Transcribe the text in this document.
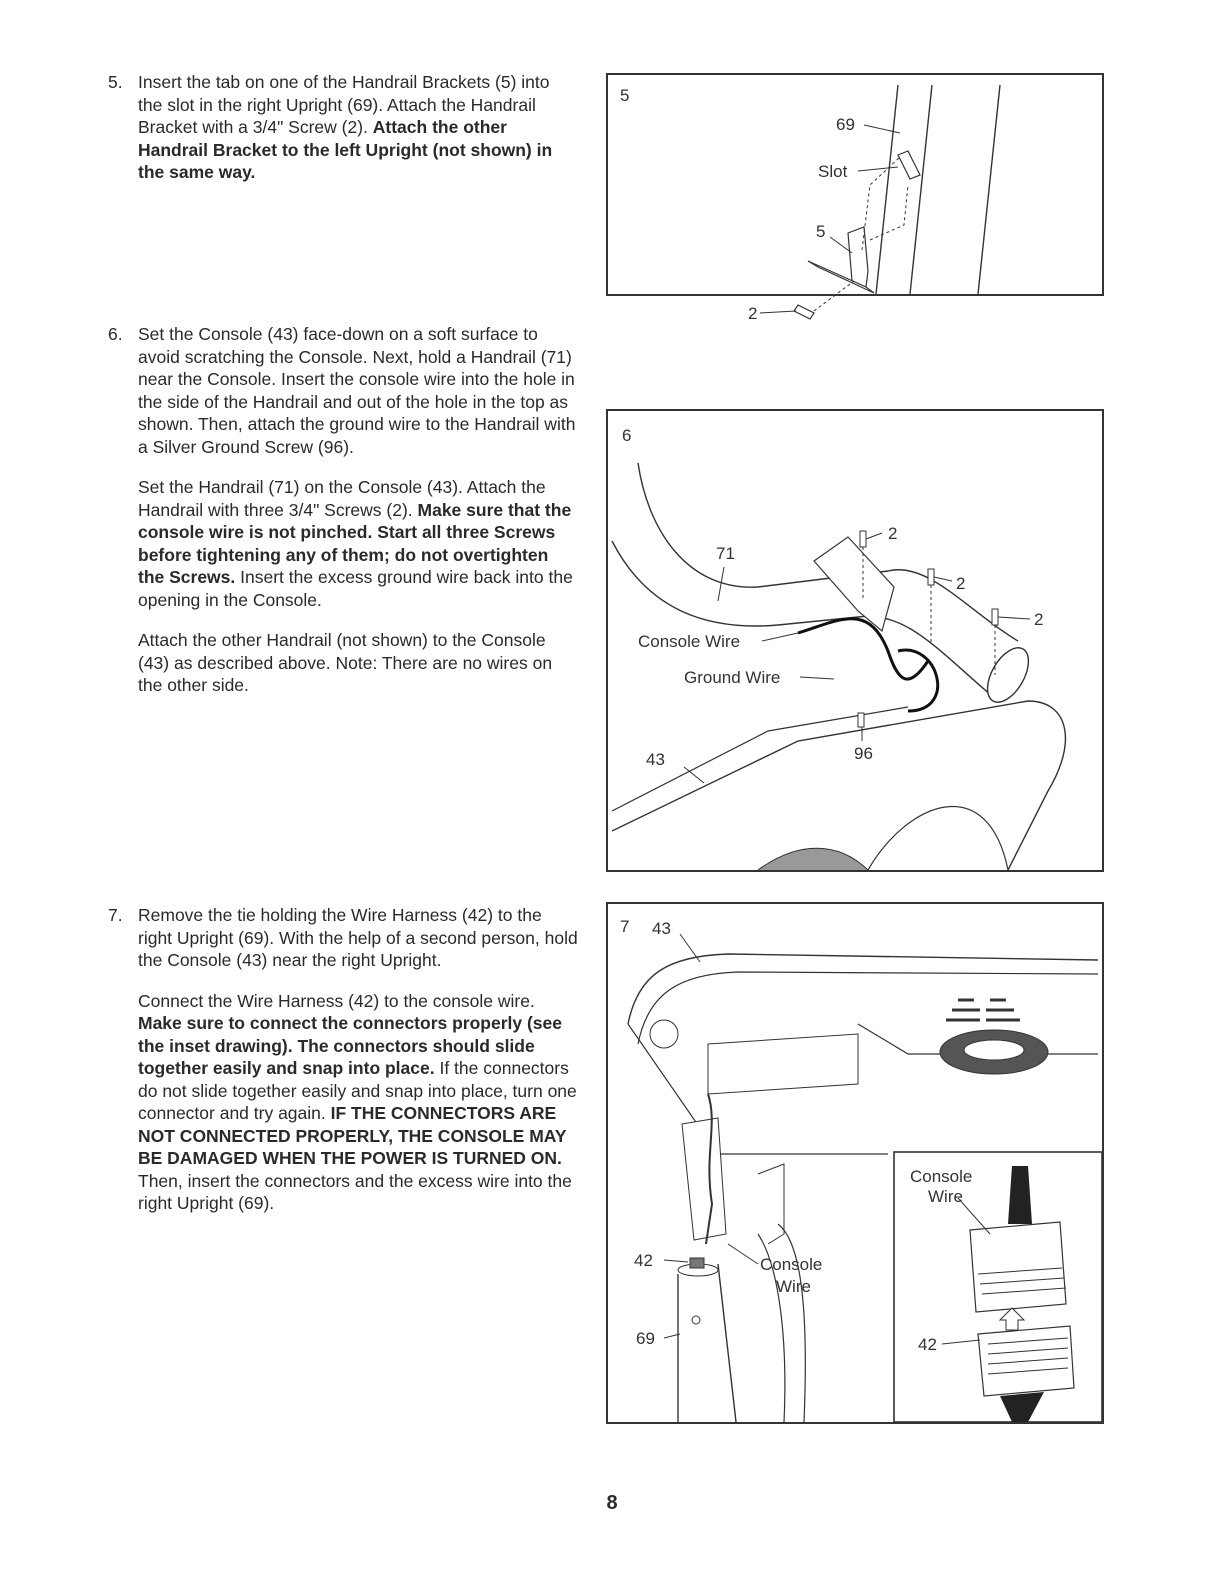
5. Insert the tab on one of the Handrail Brackets (5) into the slot in the right Upright (69). Attach the Handrail Bracket with a 3/4" Screw (2). Attach the other Handrail Bracket to the left Upright (not shown) in the same way.

6. Set the Console (43) face-down on a soft surface to avoid scratching the Console. Next, hold a Handrail (71) near the Console. Insert the console wire into the hole in the side of the Handrail and out of the hole in the top as shown. Then, attach the ground wire to the Handrail with a Silver Ground Screw (96).

Set the Handrail (71) on the Console (43). Attach the Handrail with three 3/4" Screws (2). Make sure that the console wire is not pinched. Start all three Screws before tightening any of them; do not overtighten the Screws. Insert the excess ground wire back into the opening in the Console.

Attach the other Handrail (not shown) to the Console (43) as described above. Note: There are no wires on the other side.

7. Remove the tie holding the Wire Harness (42) to the right Upright (69). With the help of a second person, hold the Console (43) near the right Upright.

Connect the Wire Harness (42) to the console wire. Make sure to connect the connectors properly (see the inset drawing). The connectors should slide together easily and snap into place. If the connectors do not slide together easily and snap into place, turn one connector and try again. IF THE CONNECTORS ARE NOT CONNECTED PROPERLY, THE CONSOLE MAY BE DAMAGED WHEN THE POWER IS TURNED ON. Then, insert the connectors and the excess wire into the right Upright (69).

5
69
Slot
5
2
6
71
2
2
2
Console Wire
Ground Wire
43	96
7 43
42
69
Console
Wire
Console
Wire
42
8
